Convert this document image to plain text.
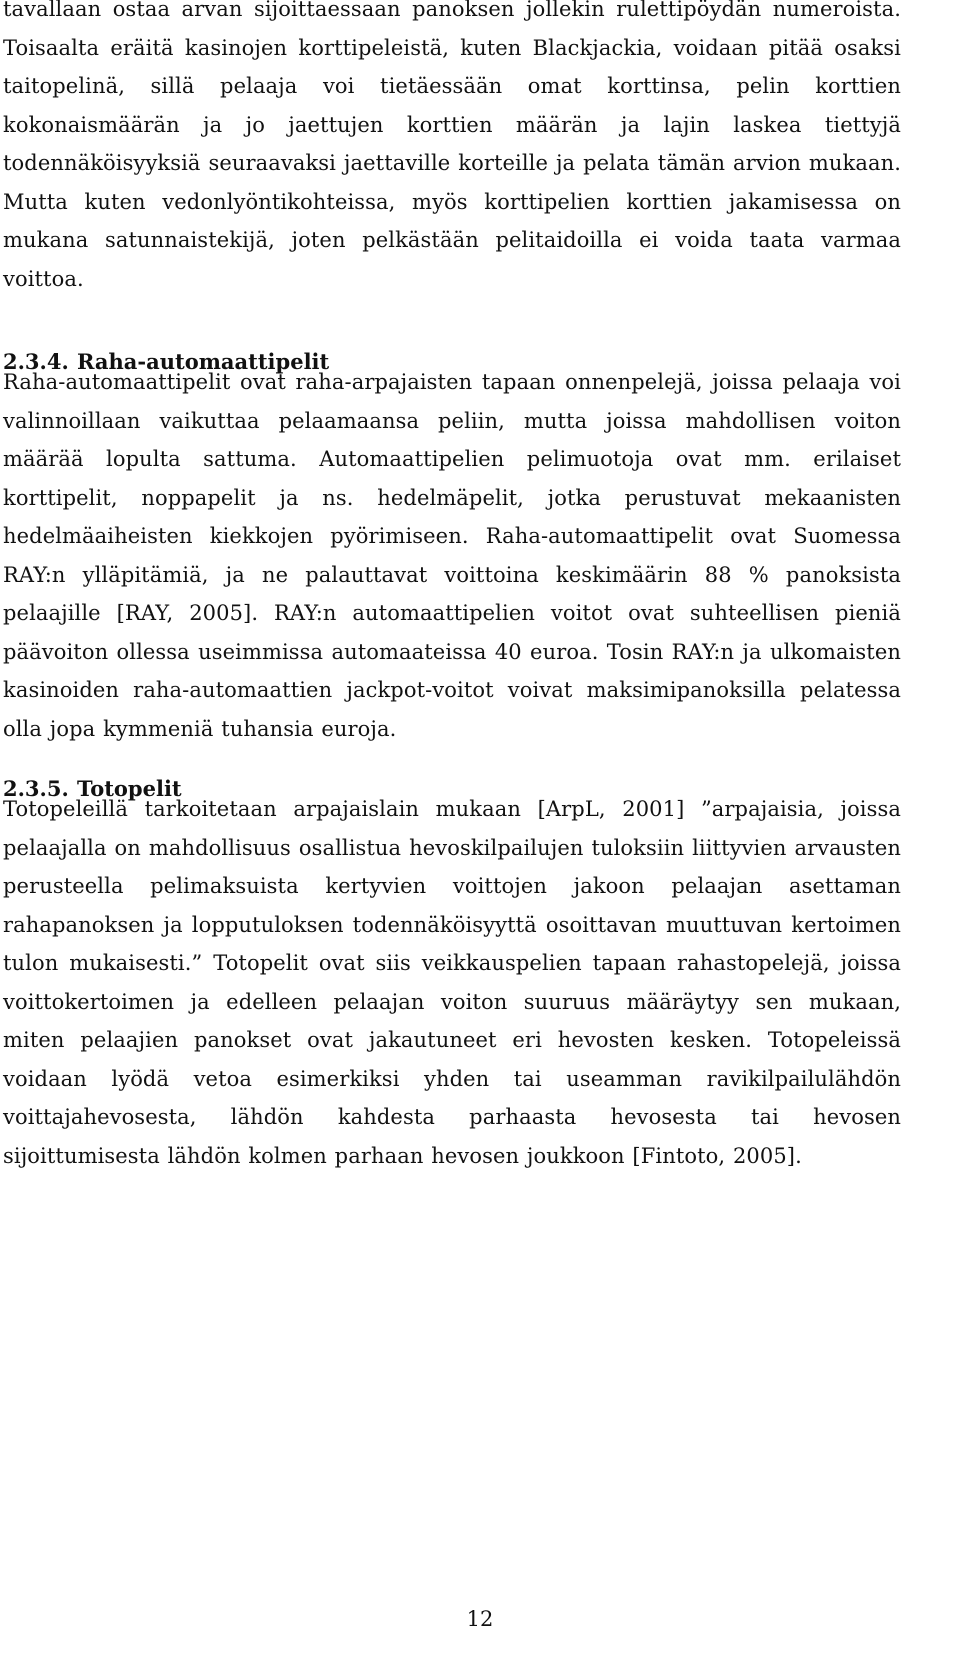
tavallaan ostaa arvan sijoittaessaan panoksen jollekin rulettipöydän numeroista. Toisaalta eräitä kasinojen korttipeleistä, kuten Blackjackia, voidaan pitää osaksi taitopelinä, sillä pelaaja voi tietäessään omat korttinsa, pelin korttien kokonaismäärän ja jo jaettujen korttien määrän ja lajin laskea tiettyjä todennäköisyyksiä seuraavaksi jaettaville korteille ja pelata tämän arvion mukaan. Mutta kuten vedonlyöntikohteissa, myös korttipelien korttien jakamisessa on mukana satunnaistekijä, joten pelkästään pelitaidoilla ei voida taata varmaa voittoa.
2.3.4. Raha-automaattipelit
Raha-automaattipelit ovat raha-arpajaisten tapaan onnenpelejä, joissa pelaaja voi valinnoillaan vaikuttaa pelaamaansa peliin, mutta joissa mahdollisen voiton määrää lopulta sattuma. Automaattipelien pelimuotoja ovat mm. erilaiset korttipelit, noppapelit ja ns. hedelmäpelit, jotka perustuvat mekaanisten hedelmäaiheisten kiekkojen pyörimiseen. Raha-automaattipelit ovat Suomessa RAY:n ylläpitämiä, ja ne palauttavat voittoina keskimäärin 88 % panoksista pelaajille [RAY, 2005]. RAY:n automaattipelien voitot ovat suhteellisen pieniä päävoiton ollessa useimmissa automaateissa 40 euroa. Tosin RAY:n ja ulkomaisten kasinoiden raha-automaattien jackpot-voitot voivat maksimipanoksilla pelatessa olla jopa kymmeniä tuhansia euroja.
2.3.5. Totopelit
Totopeleillä tarkoitetaan arpajaislain mukaan [ArpL, 2001] ”arpajaisia, joissa pelaajalla on mahdollisuus osallistua hevoskilpailujen tuloksiin liittyvien arvausten perusteella pelimaksuista kertyvien voittojen jakoon pelaajan asettaman rahapanoksen ja lopputuloksen todennäköisyyttä osoittavan muuttuvan kertoimen tulon mukaisesti.” Totopelit ovat siis veikkauspelien tapaan rahastopelejä, joissa voittokertoimen ja edelleen pelaajan voiton suuruus määräytyy sen mukaan, miten pelaajien panokset ovat jakautuneet eri hevosten kesken. Totopeleissä voidaan lyödä vetoa esimerkiksi yhden tai useamman ravikilpailulähdön voittajahevosesta, lähdön kahdesta parhaasta hevosesta tai hevosen sijoittumisesta lähdön kolmen parhaan hevosen joukkoon [Fintoto, 2005].
12
